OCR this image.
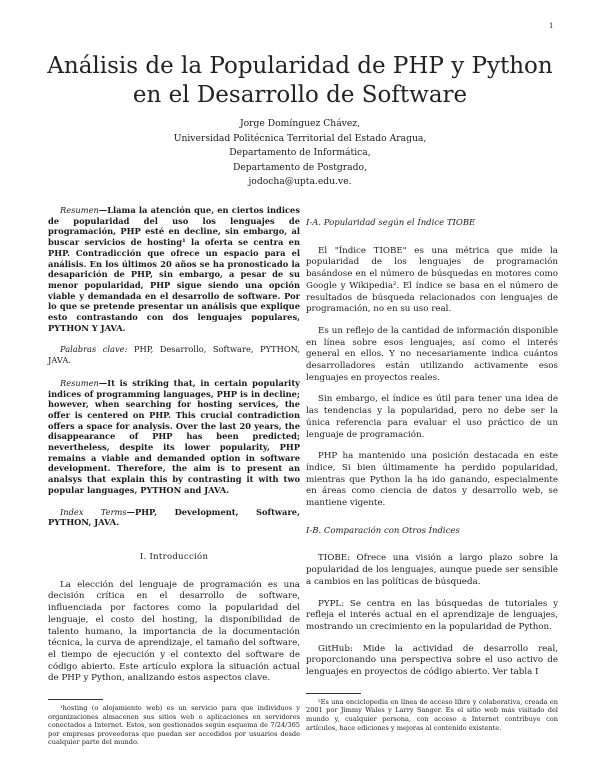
1
Análisis de la Popularidad de PHP y Python en el Desarrollo de Software
Jorge Domínguez Chávez,
Universidad Politécnica Territorial del Estado Aragua,
Departamento de Informática,
Departamento de Postgrado,
jodocha@upta.edu.ve.

Resumen—Llama la atención que, en ciertos indices de popularidad del uso los lenguajes de programación, PHP esté en decline, sin embargo, al buscar servicios de hosting¹ la oferta se centra en PHP. Contradicción que ofrece un espacio para el análisis. En los últimos 20 años se ha pronosticado la desaparición de PHP, sin embargo, a pesar de su menor popularidad, PHP sigue siendo una opción viable y demandada en el desarrollo de software. Por lo que se pretende presentar un análisis que explique esto contrastando con dos lenguajes populares, PYTHON Y JAVA.

Palabras clave: PHP, Desarrollo, Software, PYTHON, JAVA.

Resumen—It is striking that, in certain popularity indices of programming languages, PHP is in decline; however, when searching for hosting services, the offer is centered on PHP. This crucial contradiction offers a space for analysis. Over the last 20 years, the disappearance of PHP has been predicted; nevertheless, despite its lower popularity, PHP remains a viable and demanded option in software development. Therefore, the aim is to present an analsys that explain this by contrasting it with two popular languages, PYTHON and JAVA.

Index Terms—PHP, Development, Software, PYTHON, JAVA.

I. Introducción

La elección del lenguaje de programación es una decisión crítica en el desarrollo de software, influenciada por factores como la popularidad del lenguaje, el costo del hosting, la disponibilidad de talento humano, la importancia de la documentación técnica, la curva de aprendizaje, el tamaño del software, el tiempo de ejecución y el contexto del software de código abierto. Este artículo explora la situación actual de PHP y Python, analizando estos aspectos clave.

¹hosting (o alojamiento web) es un servicio para que individuos y organizaciones almacenen sus sitios web o aplicaciones en servidores conectados a Internet. Estos, son gestionados según esquema de 7/24/365 por empresas proveedoras que puedan ser accedidos por usuarios desde cualquier parte del mundo.
I-A. Popularidad según el Índice TIOBE

El "Índice TIOBE" es una métrica que mide la popularidad de los lenguajes de programación basándose en el número de búsquedas en motores como Google y Wikipedia². El índice se basa en el número de resultados de búsqueda relacionados con lenguajes de programación, no en su uso real.

Es un reflejo de la cantidad de información disponible en línea sobre esos lenguajes, así como el interés general en ellos. Y no necesariamente indica cuántos desarrolladores están utilizando activamente esos lenguajes en proyectos reales.

Sin embargo, el índice es útil para tener una idea de las tendencias y la popularidad, pero no debe ser la única referencia para evaluar el uso práctico de un lenguaje de programación.

PHP ha mantenido una posición destacada en este índice, Si bien últimamente ha perdido popularidad, mientras que Python la ha ido ganando, especialmente en áreas como ciencia de datos y desarrollo web, se mantiene vigente.

I-B. Comparación con Otros Índices

TIOBE: Ofrece una visión a largo plazo sobre la popularidad de los lenguajes, aunque puede ser sensible a cambios en las políticas de búsqueda.

PYPL: Se centra en las búsquedas de tutoriales y refleja el interés actual en el aprendizaje de lenguajes, mostrando un crecimiento en la popularidad de Python.

GitHub: Mide la actividad de desarrollo real, proporcionando una perspectiva sobre el uso activo de lenguajes en proyectos de código abierto. Ver tabla I

²Es una enciclopedia en línea de acceso libre y colaborativa, creada en 2001 por Jimmy Wales y Larry Sanger. Es el sitio web más visitado del mundo y, cualquier persona, con acceso a Internet contribuye con artículos, hace ediciones y mejoras al contenido existente.
